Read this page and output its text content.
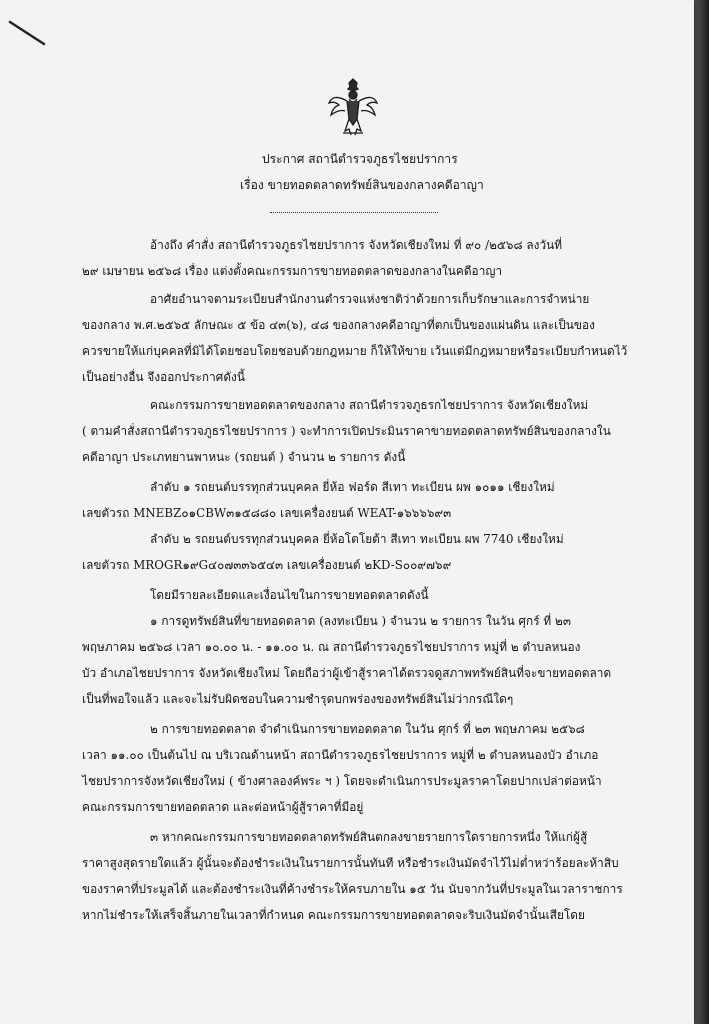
ประกาศ สถานีตำรวจภูธรไชยปราการ
เรื่อง ขายทอดตลาดทรัพย์สินของกลางคดีอาญา
อ้างถึง คำสั่ง สถานีตำรวจภูธรไชยปราการ จังหวัดเชียงใหม่ ที่ ๙๐ /๒๕๖๘ ลงวันที่
๒๙ เมษายน ๒๕๖๘ เรื่อง แต่งตั้งคณะกรรมการขายทอดตลาดของกลางในคดีอาญา
อาศัยอำนาจตามระเบียบสำนักงานตำรวจแห่งชาติว่าด้วยการเก็บรักษาและการจำหน่าย
ของกลาง พ.ศ.๒๕๖๕ ลักษณะ ๕ ข้อ ๔๓(๖), ๔๘ ของกลางคดีอาญาที่ตกเป็นของแผ่นดิน และเป็นของ
ควรขายให้แก่บุคคลที่มิได้โดยชอบโดยชอบด้วยกฎหมาย ก็ให้ให้ขาย เว้นแต่มีกฎหมายหรือระเบียบกำหนดไว้
เป็นอย่างอื่น จึงออกประกาศดังนี้
คณะกรรมการขายทอดตลาดของกลาง สถานีตำรวจภูธรกไชยปราการ จังหวัดเชียงใหม่
( ตามคำสั่งสถานีตำรวจภูธรไชยปราการ ) จะทำการเปิดประมินราคาขายทอดตลาดทรัพย์สินของกลางใน
คดีอาญา ประเภทยานพาหนะ (รถยนต์ ) จำนวน ๒ รายการ ดังนี้
ลำดับ ๑ รถยนต์บรรทุกส่วนบุคคล ยี่ห้อ ฟอร์ด สีเทา ทะเบียน ผพ ๑๐๑๑ เชียงใหม่
เลขตัวรถ MNEBZ๐๑CBW๓๑๕๘๘๐ เลขเครื่องยนต์ WEAT-๑๖๖๖๖๙๓
ลำดับ ๒ รถยนต์บรรทุกส่วนบุคคล ยี่ห้อโตโยต้า สีเทา ทะเบียน ผพ 7740 เชียงใหม่
เลขตัวรถ MROGR๑๙G๔๐๗๓๓๖๕๔๓ เลขเครื่องยนต์ ๒KD-S๐๐๙๗๖๙
โดยมีรายละเอียดและเงื่อนไขในการขายทอดตลาดดังนี้
๑ การดูทรัพย์สินที่ขายทอดตลาด (ลงทะเบียน ) จำนวน ๒ รายการ ในวัน ศุกร์ ที่ ๒๓
พฤษภาคม ๒๕๖๘ เวลา ๑๐.๐๐ น. - ๑๑.๐๐ น. ณ สถานีตำรวจภูธรไชยปราการ หมู่ที่ ๒ ตำบลหนอง
บัว อำเภอไชยปราการ จังหวัดเชียงใหม่ โดยถือว่าผู้เข้าสู้ราคาได้ตรวจดูสภาพทรัพย์สินที่จะขายทอดตลาด
เป็นที่พอใจแล้ว และจะไม่รับผิดชอบในความชำรุดบกพร่องของทรัพย์สินไม่ว่ากรณีใดๆ
๒ การขายทอดตลาด จำดำเนินการขายทอดตลาด ในวัน ศุกร์ ที่ ๒๓ พฤษภาคม ๒๕๖๘
เวลา ๑๑.๐๐ เป็นต้นไป ณ บริเวณด้านหน้า สถานีตำรวจภูธรไชยปราการ หมู่ที่ ๒ ตำบลหนองบัว อำเภอ
ไชยปราการจังหวัดเชียงใหม่ ( ข้างศาลองค์พระ ฯ ) โดยจะดำเนินการประมูลราคาโดยปากเปล่าต่อหน้า
คณะกรรมการขายทอดตลาด และต่อหน้าผู้สู้ราคาที่มีอยู่
๓ หากคณะกรรมการขายทอดตลาดทรัพย์สินตกลงขายรายการใดรายการหนึ่ง ให้แก่ผู้สู้
ราคาสูงสุดรายใดแล้ว ผู้นั้นจะต้องชำระเงินในรายการนั้นทันที หรือชำระเงินมัดจำไว้ไม่ต่ำหว่าร้อยละห้าสิบ
ของราคาที่ประมูลได้ และต้องชำระเงินที่ค้างชำระให้ครบภายใน ๑๕ วัน นับจากวันที่ประมูลในเวลาราชการ
หากไม่ชำระให้เสร็จสิ้นภายในเวลาที่กำหนด คณะกรรมการขายทอดตลาดจะริบเงินมัดจำนั้นเสียโดย
